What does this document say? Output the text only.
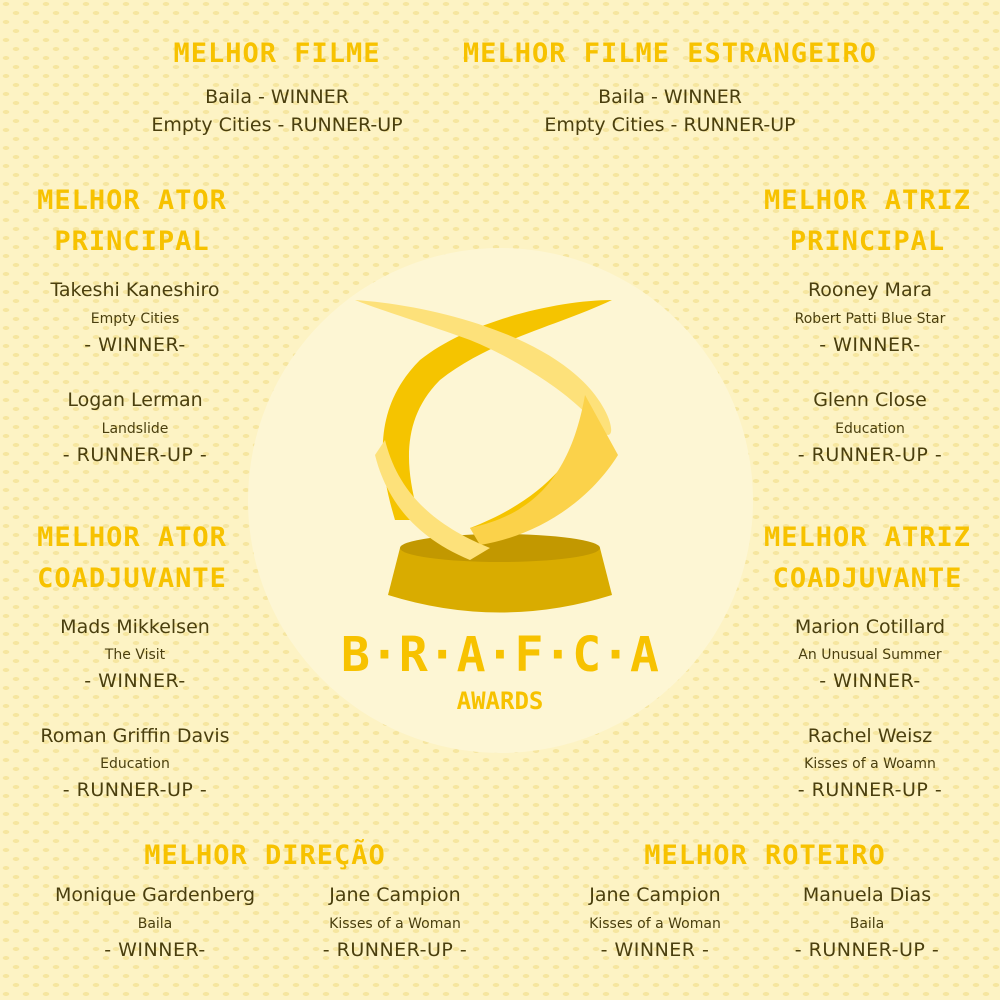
MELHOR FILME
Baila - WINNER
Empty Cities - RUNNER-UP
MELHOR FILME ESTRANGEIRO
Baila - WINNER
Empty Cities - RUNNER-UP
B·R·A·F·C·A
AWARDS
MELHOR ATOR
PRINCIPAL
Takeshi Kaneshiro
Empty Cities
- WINNER-
Logan Lerman
Landslide
- RUNNER-UP -
MELHOR ATRIZ
PRINCIPAL
Rooney Mara
Robert Patti Blue Star
- WINNER-
Glenn Close
Education
- RUNNER-UP -
MELHOR ATOR
COADJUVANTE
Mads Mikkelsen
The Visit
- WINNER-
Roman Griffin Davis
Education
- RUNNER-UP -
MELHOR ATRIZ
COADJUVANTE
Marion Cotillard
An Unusual Summer
- WINNER-
Rachel Weisz
Kisses of a Woamn
- RUNNER-UP -
MELHOR DIREÇÃO
Monique Gardenberg
Baila
- WINNER-
Jane Campion
Kisses of a Woman
- RUNNER-UP -
MELHOR ROTEIRO
Jane Campion
Kisses of a Woman
- WINNER -
Manuela Dias
Baila
- RUNNER-UP -
